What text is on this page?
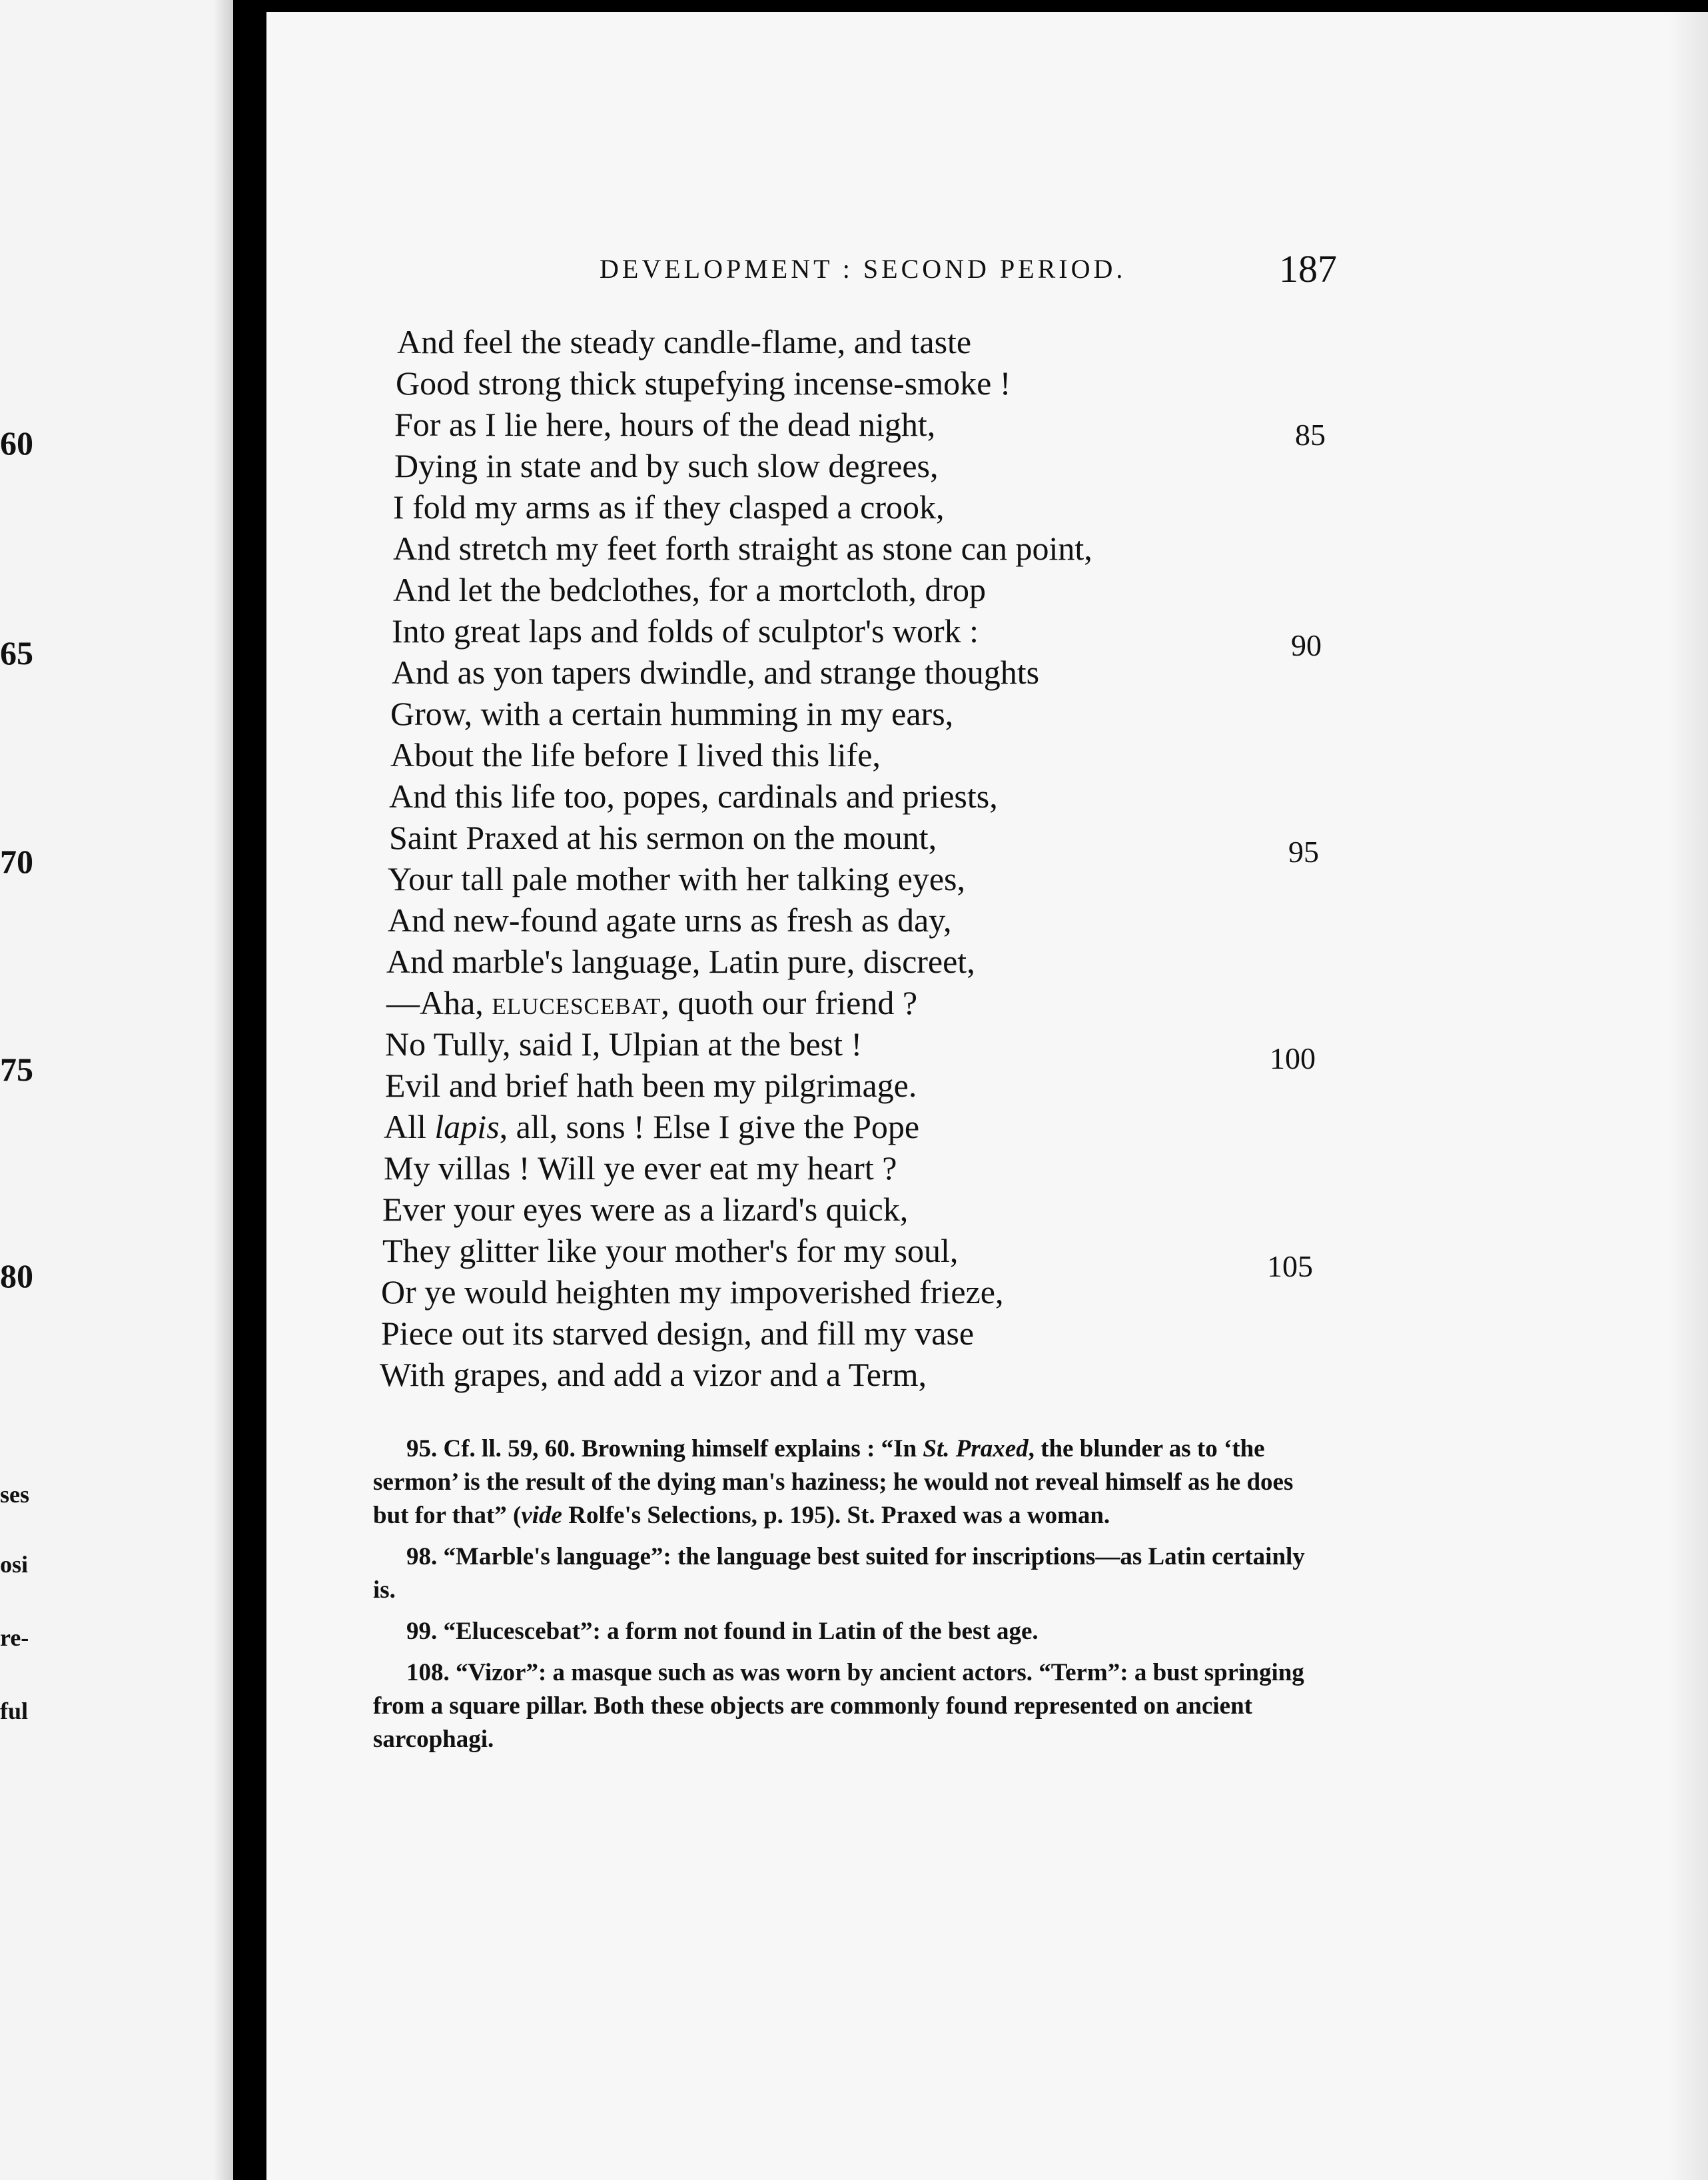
60
65
70
75
80
ses
osi
re-
ful
DEVELOPMENT : SECOND PERIOD.	187
And feel the steady candle-flame, and taste
Good strong thick stupefying incense-smoke !
For as I lie here, hours of the dead night,
Dying in state and by such slow degrees,
I fold my arms as if they clasped a crook,
And stretch my feet forth straight as stone can point,
And let the bedclothes, for a mortcloth, drop
Into great laps and folds of sculptor's work :
And as yon tapers dwindle, and strange thoughts
Grow, with a certain humming in my ears,
About the life before I lived this life,
And this life too, popes, cardinals and priests,
Saint Praxed at his sermon on the mount,
Your tall pale mother with her talking eyes,
And new-found agate urns as fresh as day,
And marble's language, Latin pure, discreet,
—Aha, elucescebat, quoth our friend ?
No Tully, said I, Ulpian at the best !
Evil and brief hath been my pilgrimage.
All lapis, all, sons ! Else I give the Pope
My villas ! Will ye ever eat my heart ?
Ever your eyes were as a lizard's quick,
They glitter like your mother's for my soul,
Or ye would heighten my impoverished frieze,
Piece out its starved design, and fill my vase
With grapes, and add a vizor and a Term,
85
90
95
100
105

95. Cf. ll. 59, 60. Browning himself explains : “In St. Praxed, the blunder as to ‘the sermon’ is the result of the dying man's haziness; he would not reveal himself as he does but for that” (vide Rolfe's Selections, p. 195). St. Praxed was a woman.

98. “Marble's language”: the language best suited for inscriptions—as Latin certainly is.

99. “Elucescebat”: a form not found in Latin of the best age.

108. “Vizor”: a masque such as was worn by ancient actors. “Term”: a bust springing from a square pillar. Both these objects are commonly found represented on ancient sarcophagi.
